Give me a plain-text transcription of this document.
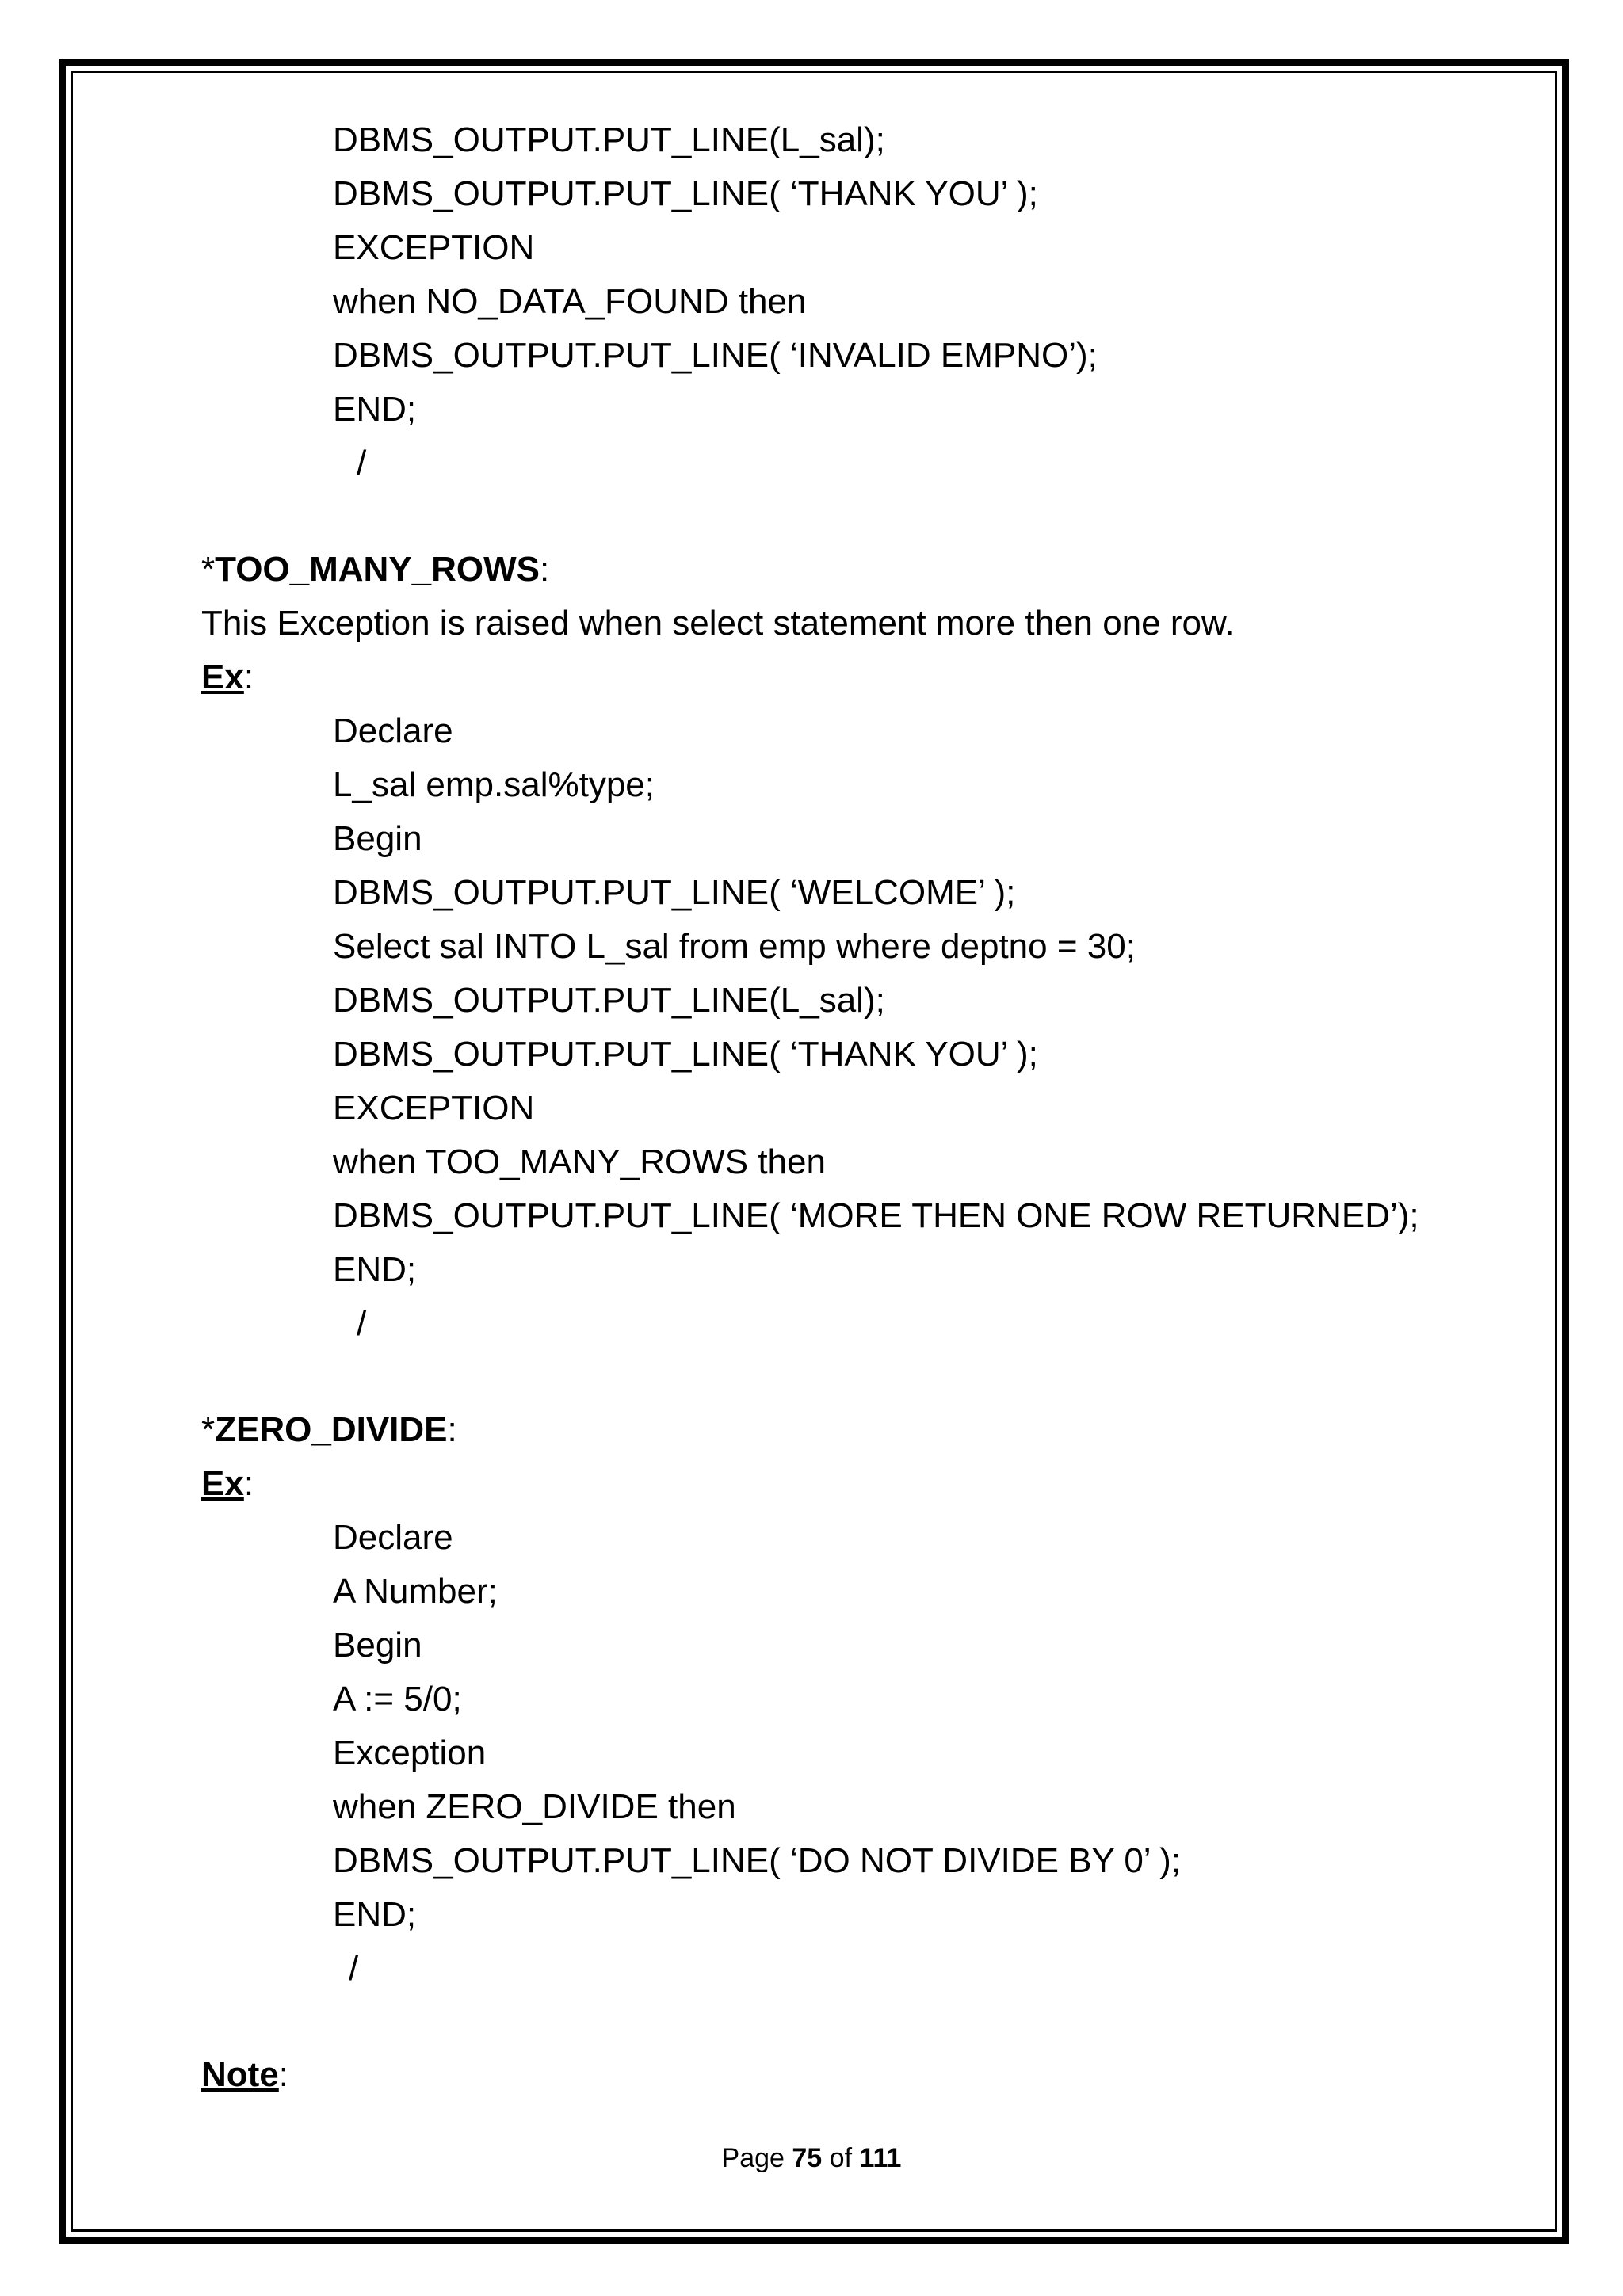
DBMS_OUTPUT.PUT_LINE(L_sal);
DBMS_OUTPUT.PUT_LINE( ‘THANK YOU’ );
EXCEPTION
when NO_DATA_FOUND then
DBMS_OUTPUT.PUT_LINE( ‘INVALID EMPNO’);
END;
/
*TOO_MANY_ROWS:
This Exception is raised when select statement more then one row.
Ex:
Declare
L_sal emp.sal%type;
Begin
DBMS_OUTPUT.PUT_LINE( ‘WELCOME’ );
Select sal INTO L_sal from emp where deptno = 30;
DBMS_OUTPUT.PUT_LINE(L_sal);
DBMS_OUTPUT.PUT_LINE( ‘THANK YOU’ );
EXCEPTION
when TOO_MANY_ROWS then
DBMS_OUTPUT.PUT_LINE( ‘MORE THEN ONE ROW RETURNED’);
END;
/
*ZERO_DIVIDE:
Ex:
Declare
A Number;
Begin
A := 5/0;
Exception
when ZERO_DIVIDE then
DBMS_OUTPUT.PUT_LINE( ‘DO NOT DIVIDE BY 0’ );
END;
/
Note:
Page 75 of 111
